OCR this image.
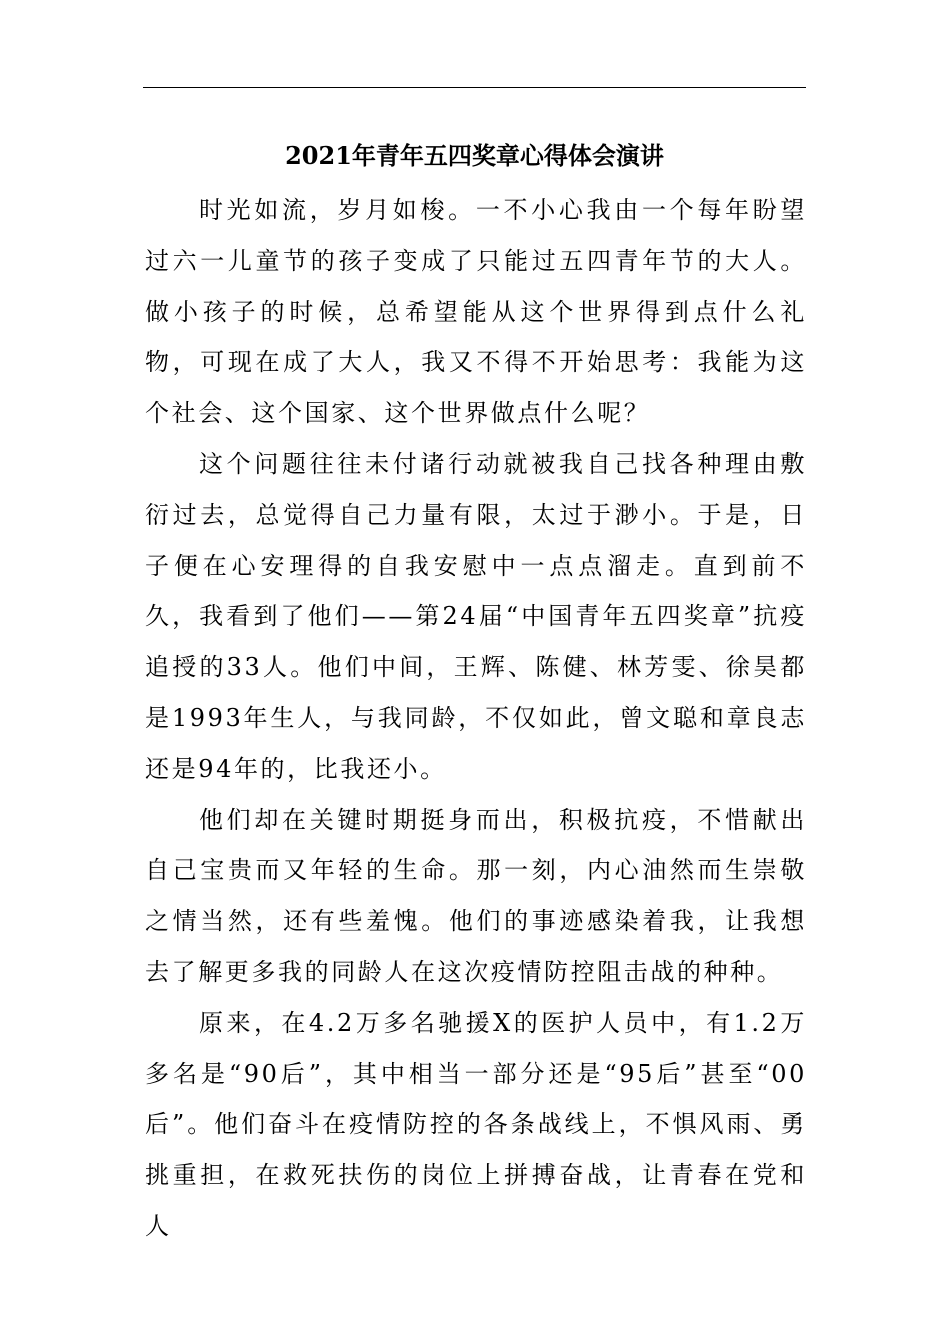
2021年青年五四奖章心得体会演讲

时光如流，岁月如梭。一不小心我由一个每年盼望过六一儿童节的孩子变成了只能过五四青年节的大人。做小孩子的时候，总希望能从这个世界得到点什么礼物，可现在成了大人，我又不得不开始思考：我能为这个社会、这个国家、这个世界做点什么呢？

这个问题往往未付诸行动就被我自己找各种理由敷衍过去，总觉得自己力量有限，太过于渺小。于是，日子便在心安理得的自我安慰中一点点溜走。直到前不久，我看到了他们——第24届“中国青年五四奖章”抗疫追授的33人。他们中间，王辉、陈健、林芳雯、徐昊都是1993年生人，与我同龄，不仅如此，曾文聪和章良志还是94年的，比我还小。

他们却在关键时期挺身而出，积极抗疫，不惜献出自己宝贵而又年轻的生命。那一刻，内心油然而生崇敬之情当然，还有些羞愧。他们的事迹感染着我，让我想去了解更多我的同龄人在这次疫情防控阻击战的种种。

原来，在4.2万多名驰援X的医护人员中，有1.2万多名是“90后”，其中相当一部分还是“95后”甚至“00后”。他们奋斗在疫情防控的各条战线上，不惧风雨、勇挑重担，在救死扶伤的岗位上拼搏奋战，让青春在党和人
